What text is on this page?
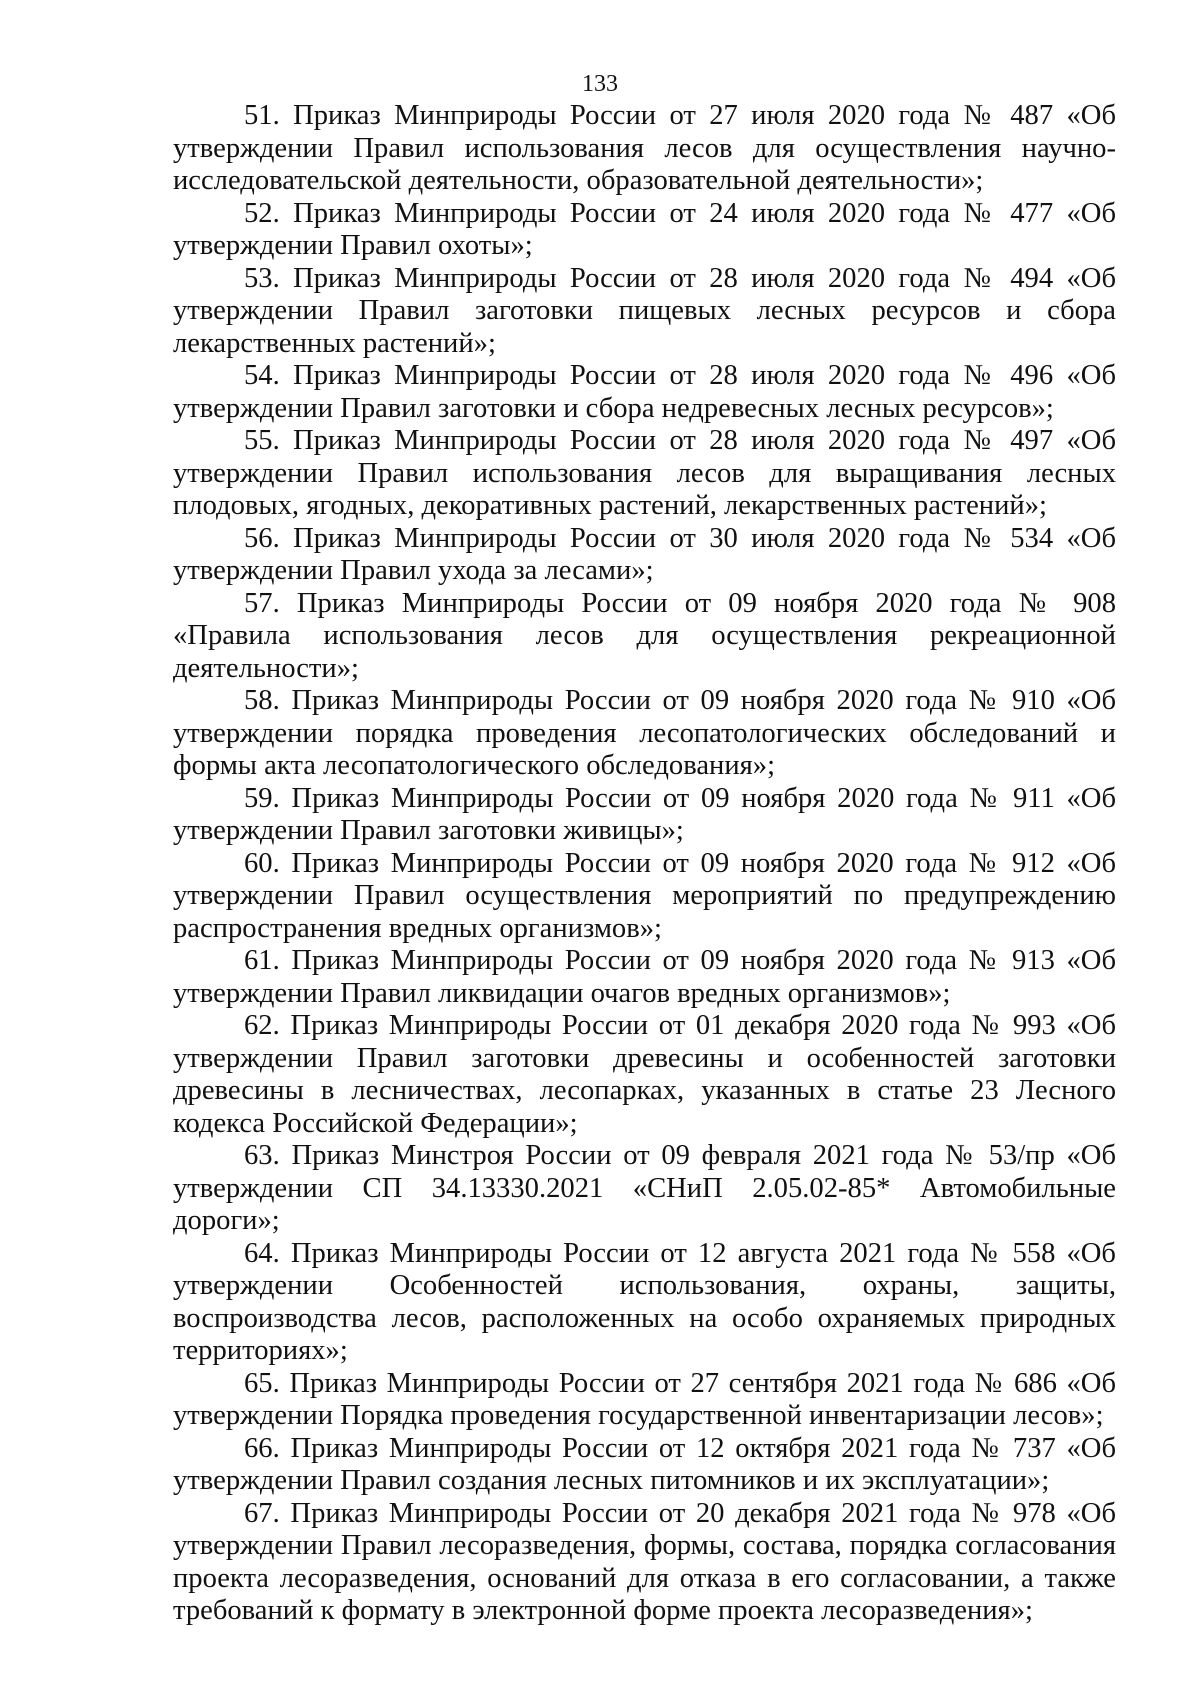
133

51. Приказ Минприроды России от 27 июля 2020 года № 487 «Об утверждении Правил использования лесов для осуществления научно-исследовательской деятельности, образовательной деятельности»;

52. Приказ Минприроды России от 24 июля 2020 года № 477 «Об утверждении Правил охоты»;

53. Приказ Минприроды России от 28 июля 2020 года № 494 «Об утверждении Правил заготовки пищевых лесных ресурсов и сбора лекарственных растений»;

54. Приказ Минприроды России от 28 июля 2020 года № 496 «Об утверждении Правил заготовки и сбора недревесных лесных ресурсов»;

55. Приказ Минприроды России от 28 июля 2020 года № 497 «Об утверждении Правил использования лесов для выращивания лесных плодовых, ягодных, декоративных растений, лекарственных растений»;

56. Приказ Минприроды России от 30 июля 2020 года № 534 «Об утверждении Правил ухода за лесами»;

57. Приказ Минприроды России от 09 ноября 2020 года № 908 «Правила использования лесов для осуществления рекреационной деятельности»;

58. Приказ Минприроды России от 09 ноября 2020 года № 910 «Об утверждении порядка проведения лесопатологических обследований и формы акта лесопатологического обследования»;

59. Приказ Минприроды России от 09 ноября 2020 года № 911 «Об утверждении Правил заготовки живицы»;

60. Приказ Минприроды России от 09 ноября 2020 года № 912 «Об утверждении Правил осуществления мероприятий по предупреждению распространения вредных организмов»;

61. Приказ Минприроды России от 09 ноября 2020 года № 913 «Об утверждении Правил ликвидации очагов вредных организмов»;

62. Приказ Минприроды России от 01 декабря 2020 года № 993 «Об утверждении Правил заготовки древесины и особенностей заготовки древесины в лесничествах, лесопарках, указанных в статье 23 Лесного кодекса Российской Федерации»;

63. Приказ Минстроя России от 09 февраля 2021 года № 53/пр «Об утверждении СП 34.13330.2021 «СНиП 2.05.02-85* Автомобильные дороги»;

64. Приказ Минприроды России от 12 августа 2021 года № 558 «Об утверждении Особенностей использования, охраны, защиты, воспроизводства лесов, расположенных на особо охраняемых природных территориях»;

65. Приказ Минприроды России от 27 сентября 2021 года № 686 «Об утверждении Порядка проведения государственной инвентаризации лесов»;

66. Приказ Минприроды России от 12 октября 2021 года № 737 «Об утверждении Правил создания лесных питомников и их эксплуатации»;

67. Приказ Минприроды России от 20 декабря 2021 года № 978 «Об утверждении Правил лесоразведения, формы, состава, порядка согласования проекта лесоразведения, оснований для отказа в его согласовании, а также требований к формату в электронной форме проекта лесоразведения»;
